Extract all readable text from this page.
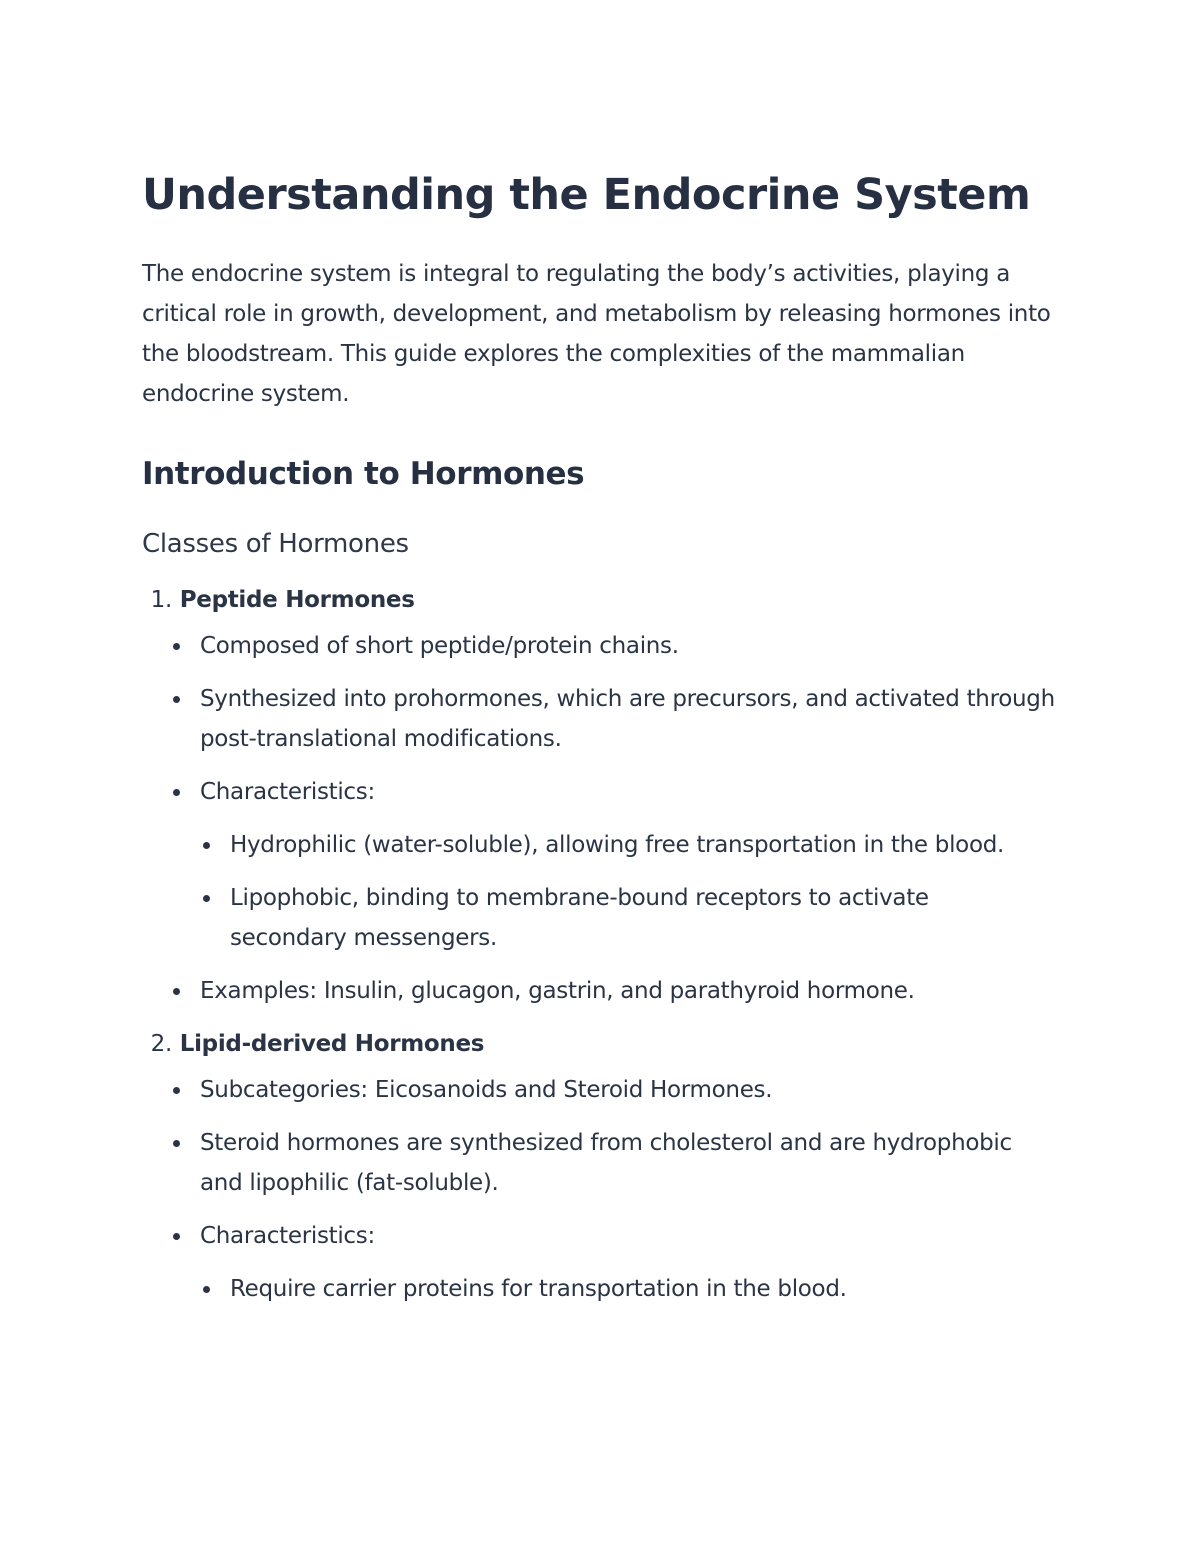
Understanding the Endocrine System

The endocrine system is integral to regulating the body’s activities, playing a critical role in growth, development, and metabolism by releasing hormones into the bloodstream. This guide explores the complexities of the mammalian endocrine system.

Introduction to Hormones
Classes of Hormones
1. Peptide Hormones
Composed of short peptide/protein chains.
Synthesized into prohormones, which are precursors, and activated through post-translational modifications.
Characteristics:
Hydrophilic (water-soluble), allowing free transportation in the blood.
Lipophobic, binding to membrane-bound receptors to activate secondary messengers.
Examples: Insulin, glucagon, gastrin, and parathyroid hormone.
2. Lipid-derived Hormones
Subcategories: Eicosanoids and Steroid Hormones.
Steroid hormones are synthesized from cholesterol and are hydrophobic and lipophilic (fat-soluble).
Characteristics:
Require carrier proteins for transportation in the blood.
